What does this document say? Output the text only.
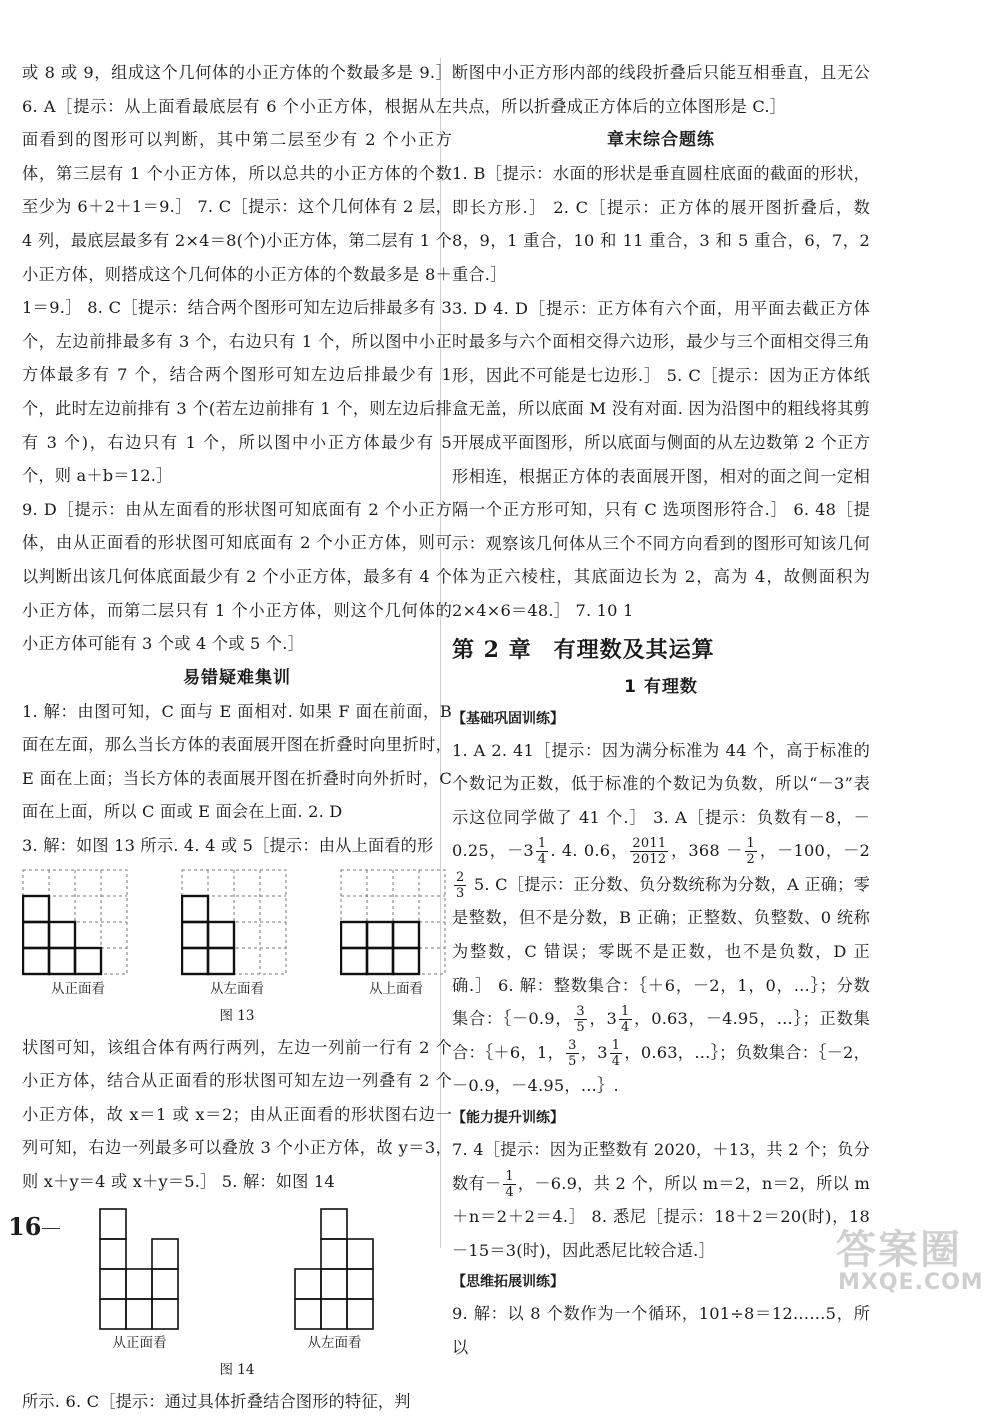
或 8 或 9，组成这个几何体的小正方体的个数最多是 9.］ 6. A［提示：从上面看最底层有 6 个小正方体，根据从左面看到的图形可以判断，其中第二层至少有 2 个小正方体，第三层有 1 个小正方体，所以总共的小正方体的个数至少为 6＋2＋1＝9.］ 7. C［提示：这个几何体有 2 层，4 列，最底层最多有 2×4＝8(个)小正方体，第二层有 1 个小正方体，则搭成这个几何体的小正方体的个数最多是 8＋1＝9.］ 8. C［提示：结合两个图形可知左边后排最多有 3 个，左边前排最多有 3 个，右边只有 1 个，所以图中小正方体最多有 7 个，结合两个图形可知左边后排最少有 1 个，此时左边前排有 3 个(若左边前排有 1 个，则左边后排有 3 个)，右边只有 1 个，所以图中小正方体最少有 5 个，则 a＋b＝12.］

9. D［提示：由从左面看的形状图可知底面有 2 个小正方体，由从正面看的形状图可知底面有 2 个小正方体，则可以判断出该几何体底面最少有 2 个小正方体，最多有 4 个小正方体，而第二层只有 1 个小正方体，则这个几何体的小正方体可能有 3 个或 4 个或 5 个.］

易错疑难集训

1. 解：由图可知，C 面与 E 面相对. 如果 F 面在前面，B 面在左面，那么当长方体的表面展开图在折叠时向里折时，E 面在上面；当长方体的表面展开图在折叠时向外折时，C 面在上面，所以 C 面或 E 面会在上面. 2. D

3. 解：如图 13 所示. 4. 4 或 5［提示：由从上面看的形

从正面看	从左面看	从上面看
图 13

状图可知，该组合体有两行两列，左边一列前一行有 2 个小正方体，结合从正面看的形状图可知左边一列叠有 2 个小正方体，故 x＝1 或 x＝2；由从正面看的形状图右边一列可知，右边一列最多可以叠放 3 个小正方体，故 y＝3，则 x＋y＝4 或 x＋y＝5.］ 5. 解：如图 14

从正面看	从左面看
图 14

所示. 6. C［提示：通过具体折叠结合图形的特征，判

断图中小正方形内部的线段折叠后只能互相垂直，且无公共点，所以折叠成正方体后的立体图形是 C.］

章末综合题练

1. B［提示：水面的形状是垂直圆柱底面的截面的形状，即长方形.］ 2. C［提示：正方体的展开图折叠后，数 8，9，1 重合，10 和 11 重合，3 和 5 重合，6，7，2 重合.］

3. D 4. D［提示：正方体有六个面，用平面去截正方体时最多与六个面相交得六边形，最少与三个面相交得三角形，因此不可能是七边形.］ 5. C［提示：因为正方体纸盒无盖，所以底面 M 没有对面. 因为沿图中的粗线将其剪开展成平面图形，所以底面与侧面的从左边数第 2 个正方形相连，根据正方体的表面展开图，相对的面之间一定相隔一个正方形可知，只有 C 选项图形符合.］ 6. 48［提示：观察该几何体从三个不同方向看到的图形可知该几何体为正六棱柱，其底面边长为 2，高为 4，故侧面积为 2×4×6＝48.］ 7. 10 1

第 2 章 有理数及其运算
1 有理数
【基础巩固训练】

1. A 2. 41［提示：因为满分标准为 44 个，高于标准的个数记为正数，低于标准的个数记为负数，所以“－3”表示这位同学做了 41 个.］ 3. A［提示：负数有－8，－0.25，$-3 \frac{1}{4}$ . 4. 0.6， $\frac{2011}{2012}$ ，$368 - \frac{1}{2}$ ，－100，－2
$\frac{2}{3} 5$. C［提示：正分数、负分数统称为分数，A 正确；零是整数，但不是分数，B 正确；正整数、负整数、0 统称为整数，C 错误；零既不是正数，也不是负数，D 正确.］ 6. 解：整数集合：｛＋6，－2，1，0，…｝；分数集合：｛－0.9， $\frac{3}{5}$ ，$3 \frac{1}{4}$ ，0.63，－4.95，…｝；正数集合：｛＋6，1， $\frac{3}{5}$ ，$3 \frac{1}{4}$ ，0.63，…｝；负数集合：｛－2，－0.9，－4.95，…｝.

【能力提升训练】

7. 4［提示：因为正整数有 2020，＋13，共 2 个；负分数有－ $\frac{1}{4}$ ，－6.9，共 2 个，所以 m＝2，n＝2，所以 m＋n＝2＋2＝4.］ 8. 悉尼［提示：18＋2＝20(时)，18－15＝3(时)，因此悉尼比较合适.］

【思维拓展训练】

9. 解：以 8 个数作为一个循环，101÷8＝12……5，所以

16
答案圈
MXQE.COM
